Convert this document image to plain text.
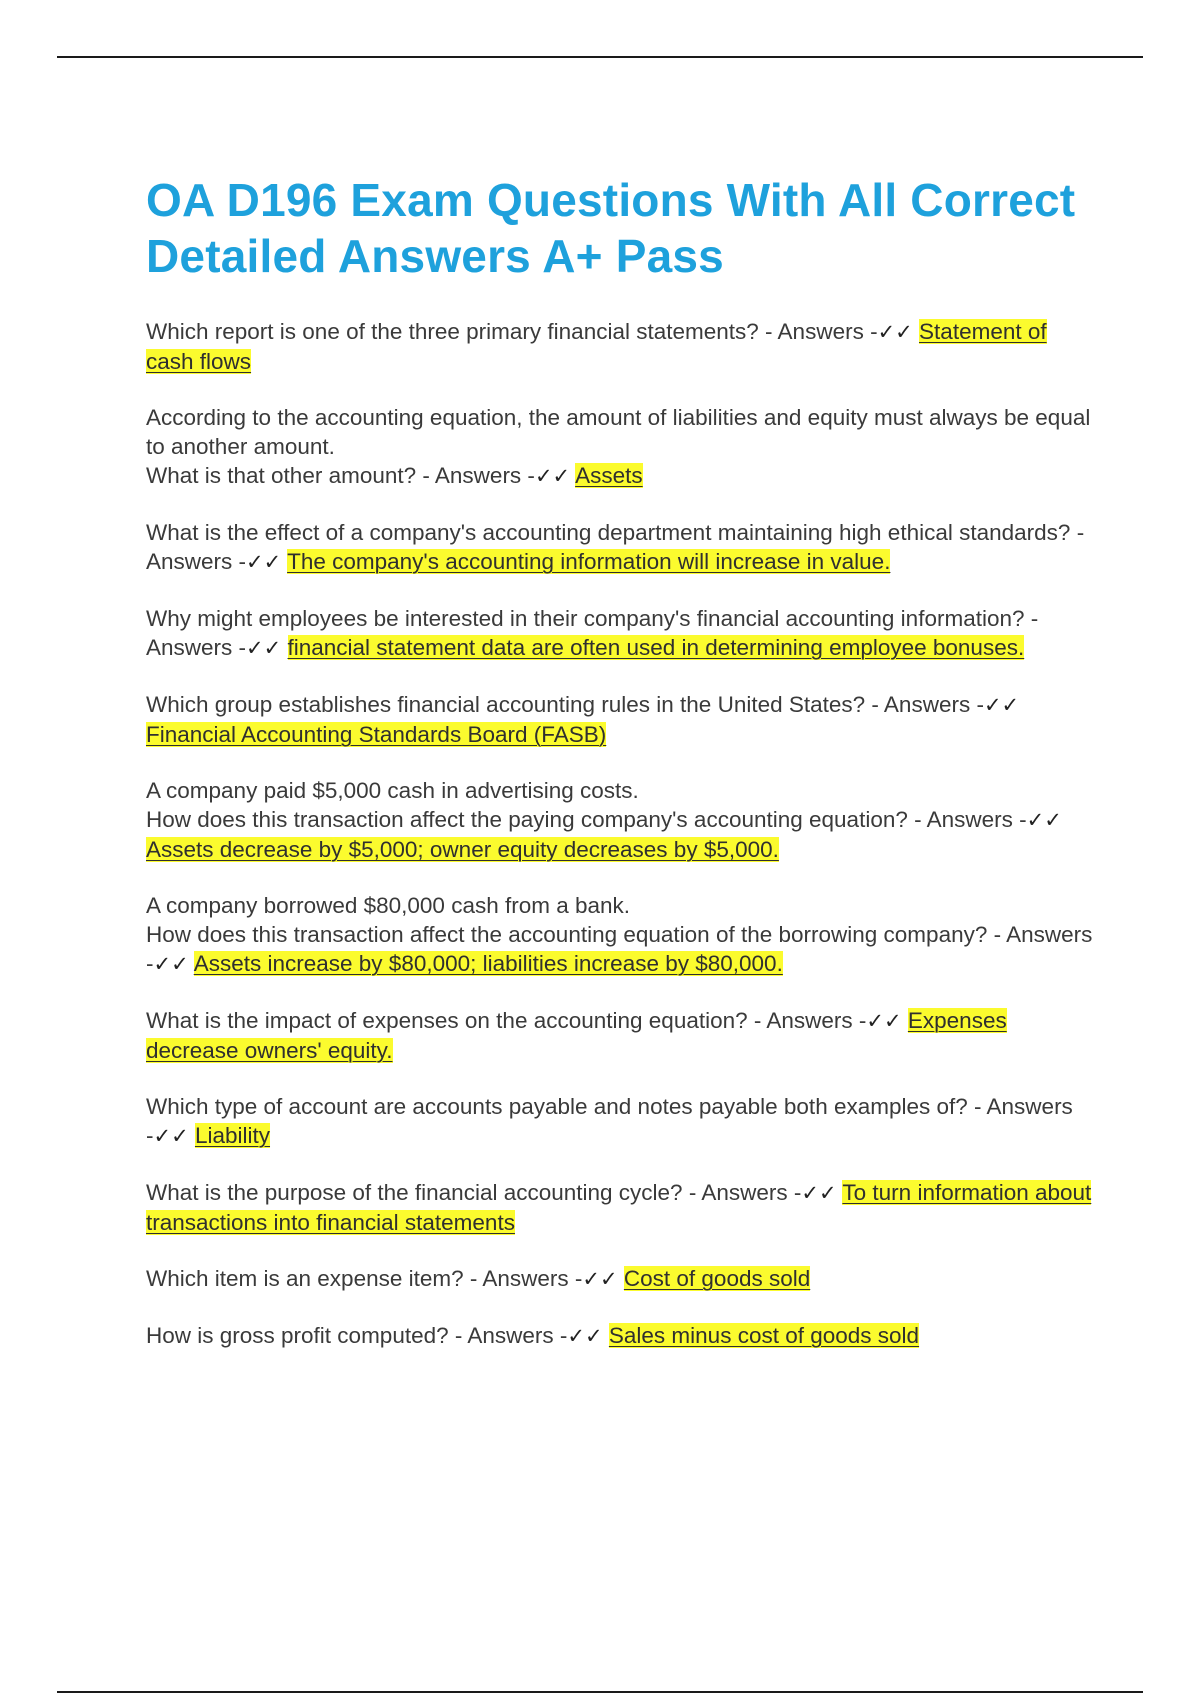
OA D196 Exam Questions With All Correct Detailed Answers A+ Pass

Which report is one of the three primary financial statements? - Answers -✓✓ Statement of cash flows

According to the accounting equation, the amount of liabilities and equity must always be equal to another amount.
What is that other amount? - Answers -✓✓ Assets

What is the effect of a company's accounting department maintaining high ethical standards? - Answers -✓✓ The company's accounting information will increase in value.

Why might employees be interested in their company's financial accounting information? - Answers -✓✓ financial statement data are often used in determining employee bonuses.

Which group establishes financial accounting rules in the United States? - Answers -✓✓ Financial Accounting Standards Board (FASB)

A company paid $5,000 cash in advertising costs.
How does this transaction affect the paying company's accounting equation? - Answers -✓✓ Assets decrease by $5,000; owner equity decreases by $5,000.

A company borrowed $80,000 cash from a bank.
How does this transaction affect the accounting equation of the borrowing company? - Answers -✓✓ Assets increase by $80,000; liabilities increase by $80,000.

What is the impact of expenses on the accounting equation? - Answers -✓✓ Expenses decrease owners' equity.

Which type of account are accounts payable and notes payable both examples of? - Answers -✓✓ Liability

What is the purpose of the financial accounting cycle? - Answers -✓✓ To turn information about transactions into financial statements

Which item is an expense item? - Answers -✓✓ Cost of goods sold

How is gross profit computed? - Answers -✓✓ Sales minus cost of goods sold
